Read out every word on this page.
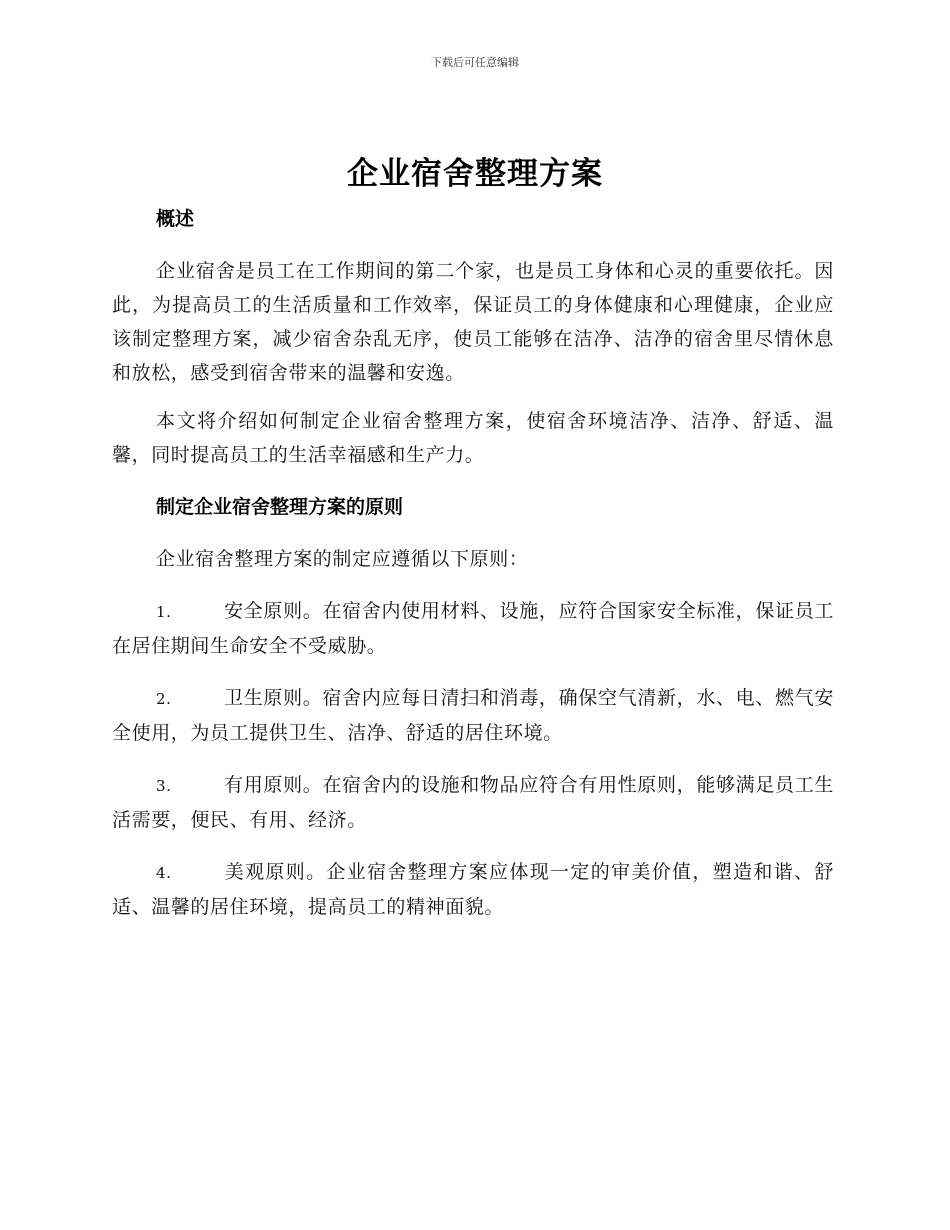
下载后可任意编辑
企业宿舍整理方案
概述

企业宿舍是员工在工作期间的第二个家，也是员工身体和心灵的重要依托。因此，为提高员工的生活质量和工作效率，保证员工的身体健康和心理健康，企业应该制定整理方案，减少宿舍杂乱无序，使员工能够在洁净、洁净的宿舍里尽情休息和放松，感受到宿舍带来的温馨和安逸。

本文将介绍如何制定企业宿舍整理方案，使宿舍环境洁净、洁净、舒适、温馨，同时提高员工的生活幸福感和生产力。

制定企业宿舍整理方案的原则

企业宿舍整理方案的制定应遵循以下原则：

1.	安全原则。在宿舍内使用材料、设施，应符合国家安全标准，保证员工在居住期间生命安全不受威胁。

2.	卫生原则。宿舍内应每日清扫和消毒，确保空气清新，水、电、燃气安全使用，为员工提供卫生、洁净、舒适的居住环境。

3.	有用原则。在宿舍内的设施和物品应符合有用性原则，能够满足员工生活需要，便民、有用、经济。

4.	美观原则。企业宿舍整理方案应体现一定的审美价值，塑造和谐、舒适、温馨的居住环境，提高员工的精神面貌。
